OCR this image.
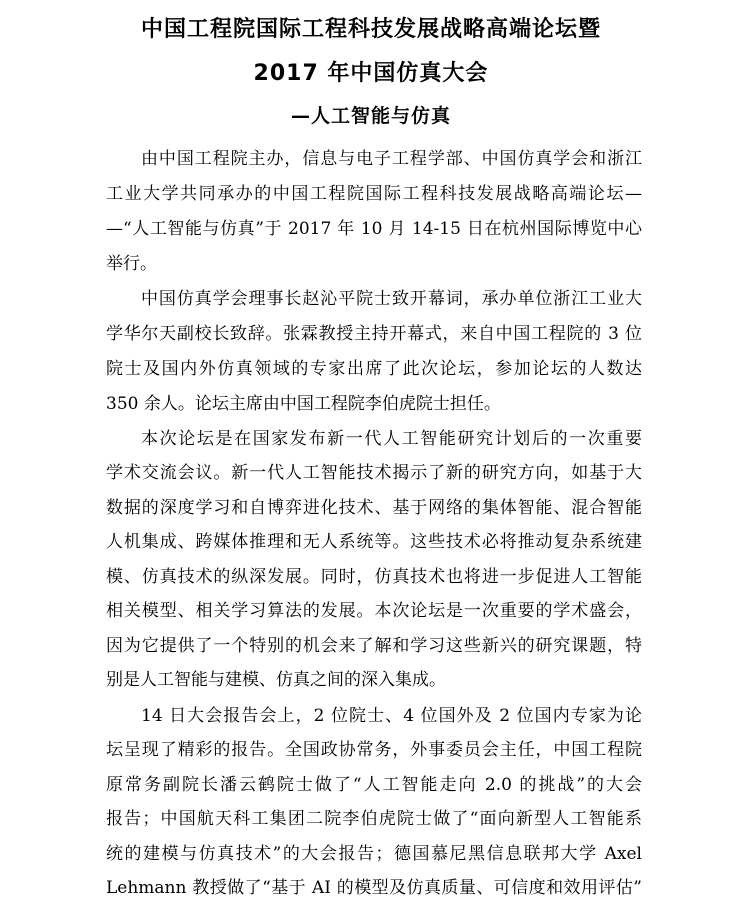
中国工程院国际工程科技发展战略高端论坛暨
2017 年中国仿真大会
—人工智能与仿真
由中国工程院主办，信息与电子工程学部、中国仿真学会和浙江
工业大学共同承办的中国工程院国际工程科技发展战略高端论坛—
—“人工智能与仿真”于 2017 年 10 月 14-15 日在杭州国际博览中心
举行。
中国仿真学会理事长赵沁平院士致开幕词，承办单位浙江工业大
学华尔天副校长致辞。张霖教授主持开幕式，来自中国工程院的 3 位
院士及国内外仿真领域的专家出席了此次论坛，参加论坛的人数达
350 余人。论坛主席由中国工程院李伯虎院士担任。
本次论坛是在国家发布新一代人工智能研究计划后的一次重要
学术交流会议。新一代人工智能技术揭示了新的研究方向，如基于大
数据的深度学习和自博弈进化技术、基于网络的集体智能、混合智能
人机集成、跨媒体推理和无人系统等。这些技术必将推动复杂系统建
模、仿真技术的纵深发展。同时，仿真技术也将进一步促进人工智能
相关模型、相关学习算法的发展。本次论坛是一次重要的学术盛会，
因为它提供了一个特别的机会来了解和学习这些新兴的研究课题，特
别是人工智能与建模、仿真之间的深入集成。
14 日大会报告会上，2 位院士、4 位国外及 2 位国内专家为论
坛呈现了精彩的报告。全国政协常务，外事委员会主任，中国工程院
原常务副院长潘云鹤院士做了“人工智能走向 2.0 的挑战”的大会
报告；中国航天科工集团二院李伯虎院士做了“面向新型人工智能系
统的建模与仿真技术”的大会报告；德国慕尼黑信息联邦大学 Axel
Lehmann 教授做了“基于 AI 的模型及仿真质量、可信度和效用评估”
